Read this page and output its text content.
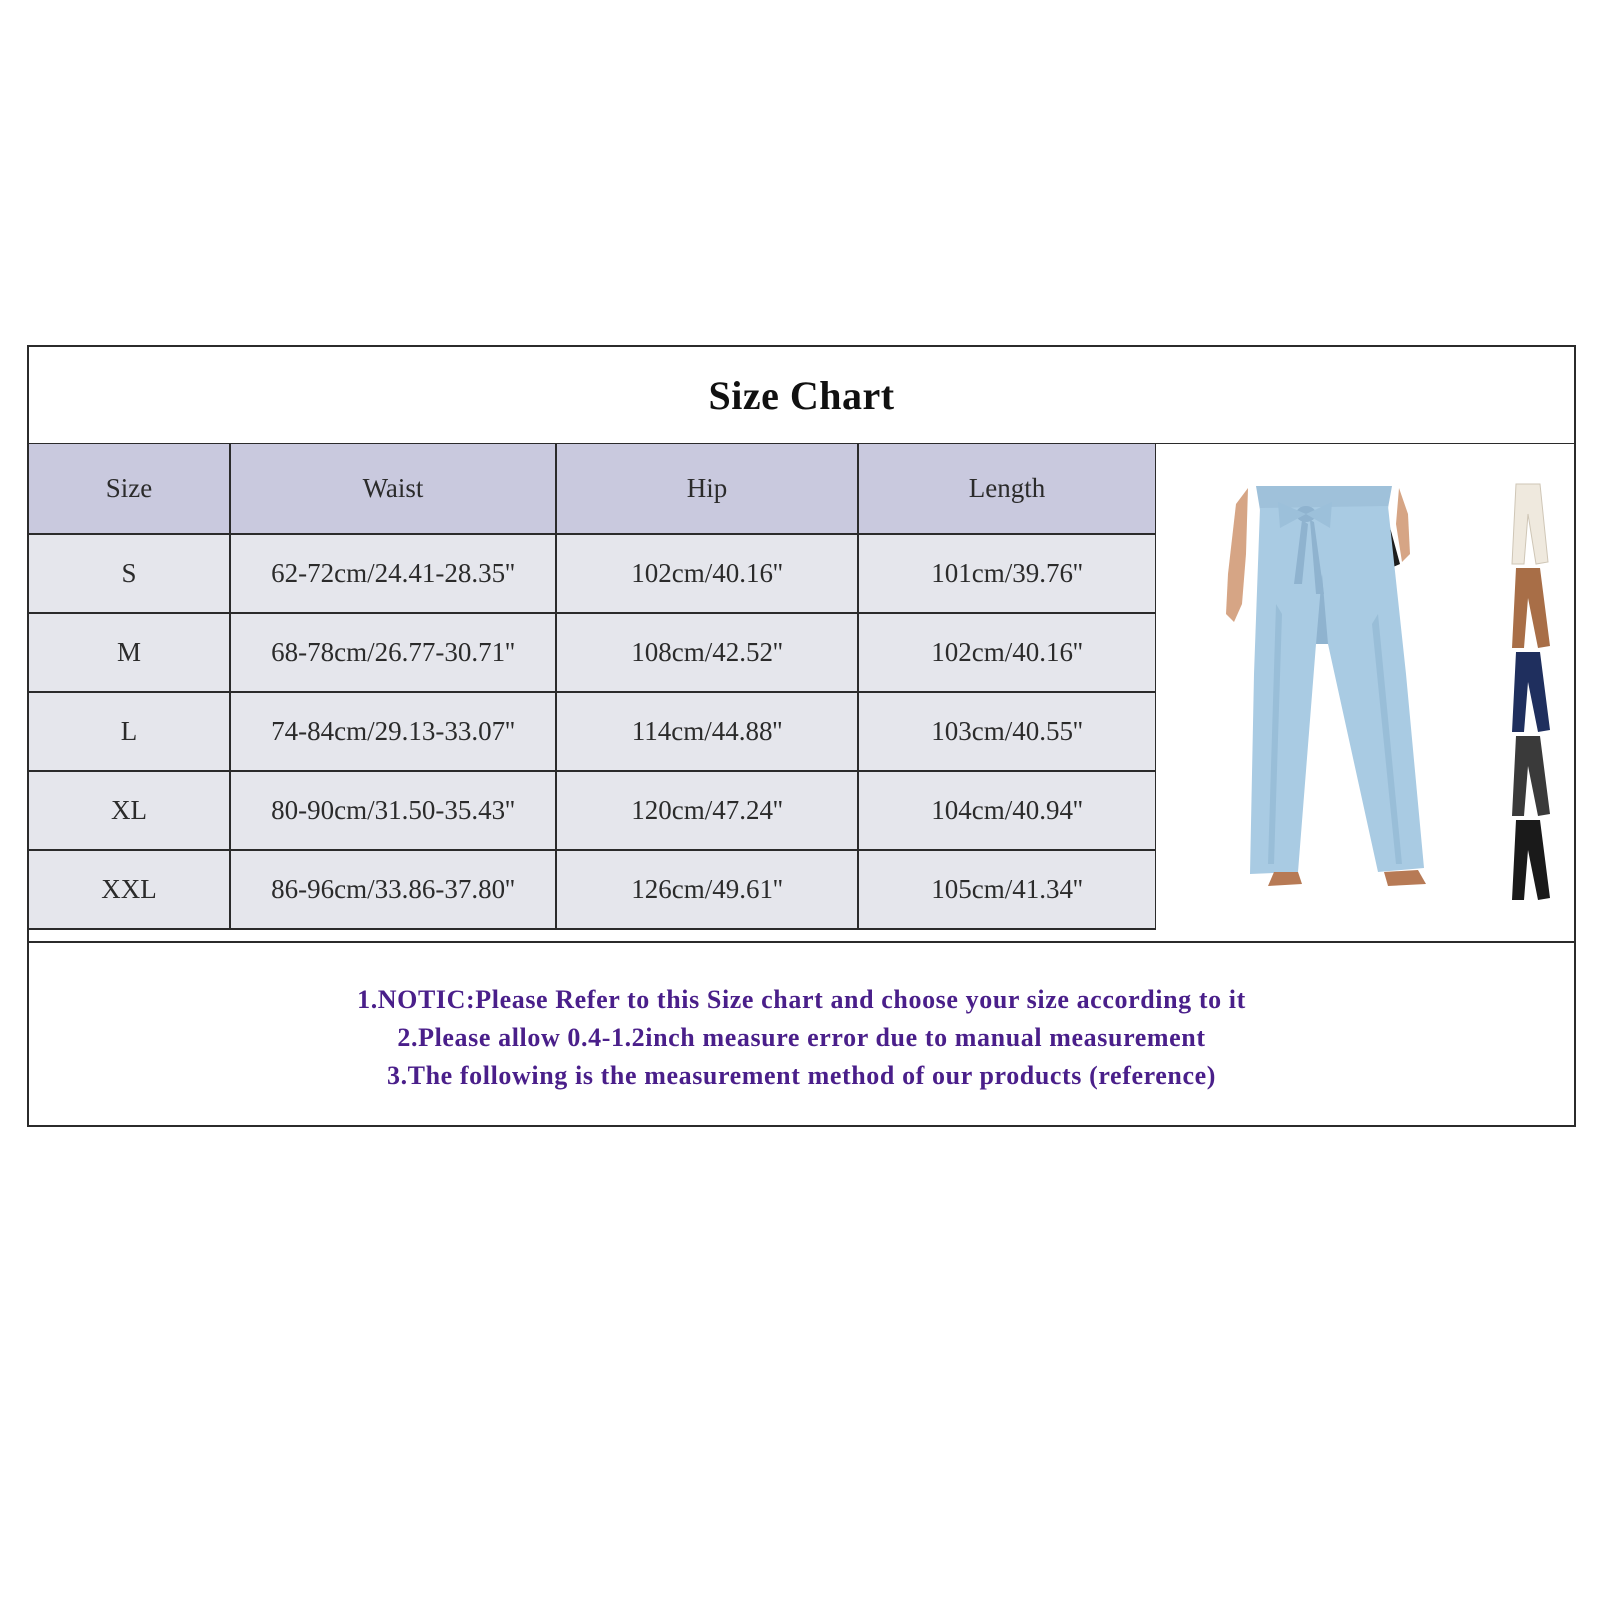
Size Chart
Size	Waist	Hip	Length
S	62-72cm/24.41-28.35''	102cm/40.16''	101cm/39.76''
M	68-78cm/26.77-30.71''	108cm/42.52''	102cm/40.16''
L	74-84cm/29.13-33.07''	114cm/44.88''	103cm/40.55''
XL	80-90cm/31.50-35.43''	120cm/47.24''	104cm/40.94''
XXL	86-96cm/33.86-37.80''	126cm/49.61''	105cm/41.34''
1.NOTIC:Please Refer to this Size chart and choose your size according to it
2.Please allow 0.4-1.2inch measure error due to manual measurement
3.The following is the measurement method of our products (reference)
